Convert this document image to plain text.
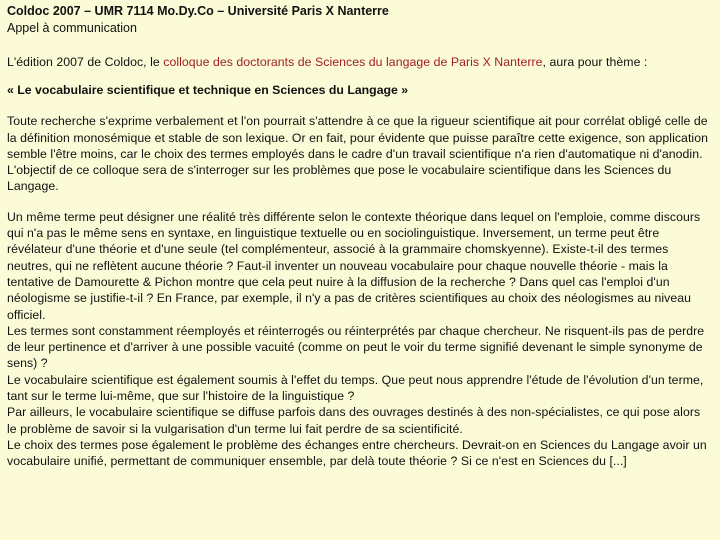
Coldoc 2007 – UMR 7114 Mo.Dy.Co – Université Paris X Nanterre

Appel à communication

L'édition 2007 de Coldoc, le colloque des doctorants de Sciences du langage de Paris X Nanterre, aura pour thème :

« Le vocabulaire scientifique et technique en Sciences du Langage »

Toute recherche s'exprime verbalement et l'on pourrait s'attendre à ce que la rigueur scientifique ait pour corrélat obligé celle de la définition monosémique et stable de son lexique. Or en fait, pour évidente que puisse paraître cette exigence, son application semble l'être moins, car le choix des termes employés dans le cadre d'un travail scientifique n'a rien d'automatique ni d'anodin. L'objectif de ce colloque sera de s'interroger sur les problèmes que pose le vocabulaire scientifique dans les Sciences du Langage.

Un même terme peut désigner une réalité très différente selon le contexte théorique dans lequel on l'emploie, comme discours qui n'a pas le même sens en syntaxe, en linguistique textuelle ou en sociolinguistique. Inversement, un terme peut être révélateur d'une théorie et d'une seule (tel complémenteur, associé à la grammaire chomskyenne). Existe-t-il des termes neutres, qui ne reflètent aucune théorie ? Faut-il inventer un nouveau vocabulaire pour chaque nouvelle théorie - mais la tentative de Damourette & Pichon montre que cela peut nuire à la diffusion de la recherche ? Dans quel cas l'emploi d'un néologisme se justifie-t-il ? En France, par exemple, il n'y a pas de critères scientifiques au choix des néologismes au niveau officiel.

Les termes sont constamment réemployés et réinterrogés ou réinterprétés par chaque chercheur. Ne risquent-ils pas de perdre de leur pertinence et d'arriver à une possible vacuité (comme on peut le voir du terme signifié devenant le simple synonyme de sens) ?

Le vocabulaire scientifique est également soumis à l'effet du temps. Que peut nous apprendre l'étude de l'évolution d'un terme, tant sur le terme lui-même, que sur l'histoire de la linguistique ?

Par ailleurs, le vocabulaire scientifique se diffuse parfois dans des ouvrages destinés à des non-spécialistes, ce qui pose alors le problème de savoir si la vulgarisation d'un terme lui fait perdre de sa scientificité.

Le choix des termes pose également le problème des échanges entre chercheurs. Devrait-on en Sciences du Langage avoir un vocabulaire unifié, permettant de communiquer ensemble, par delà toute théorie ? Si ce n'est en Sciences du [...]
